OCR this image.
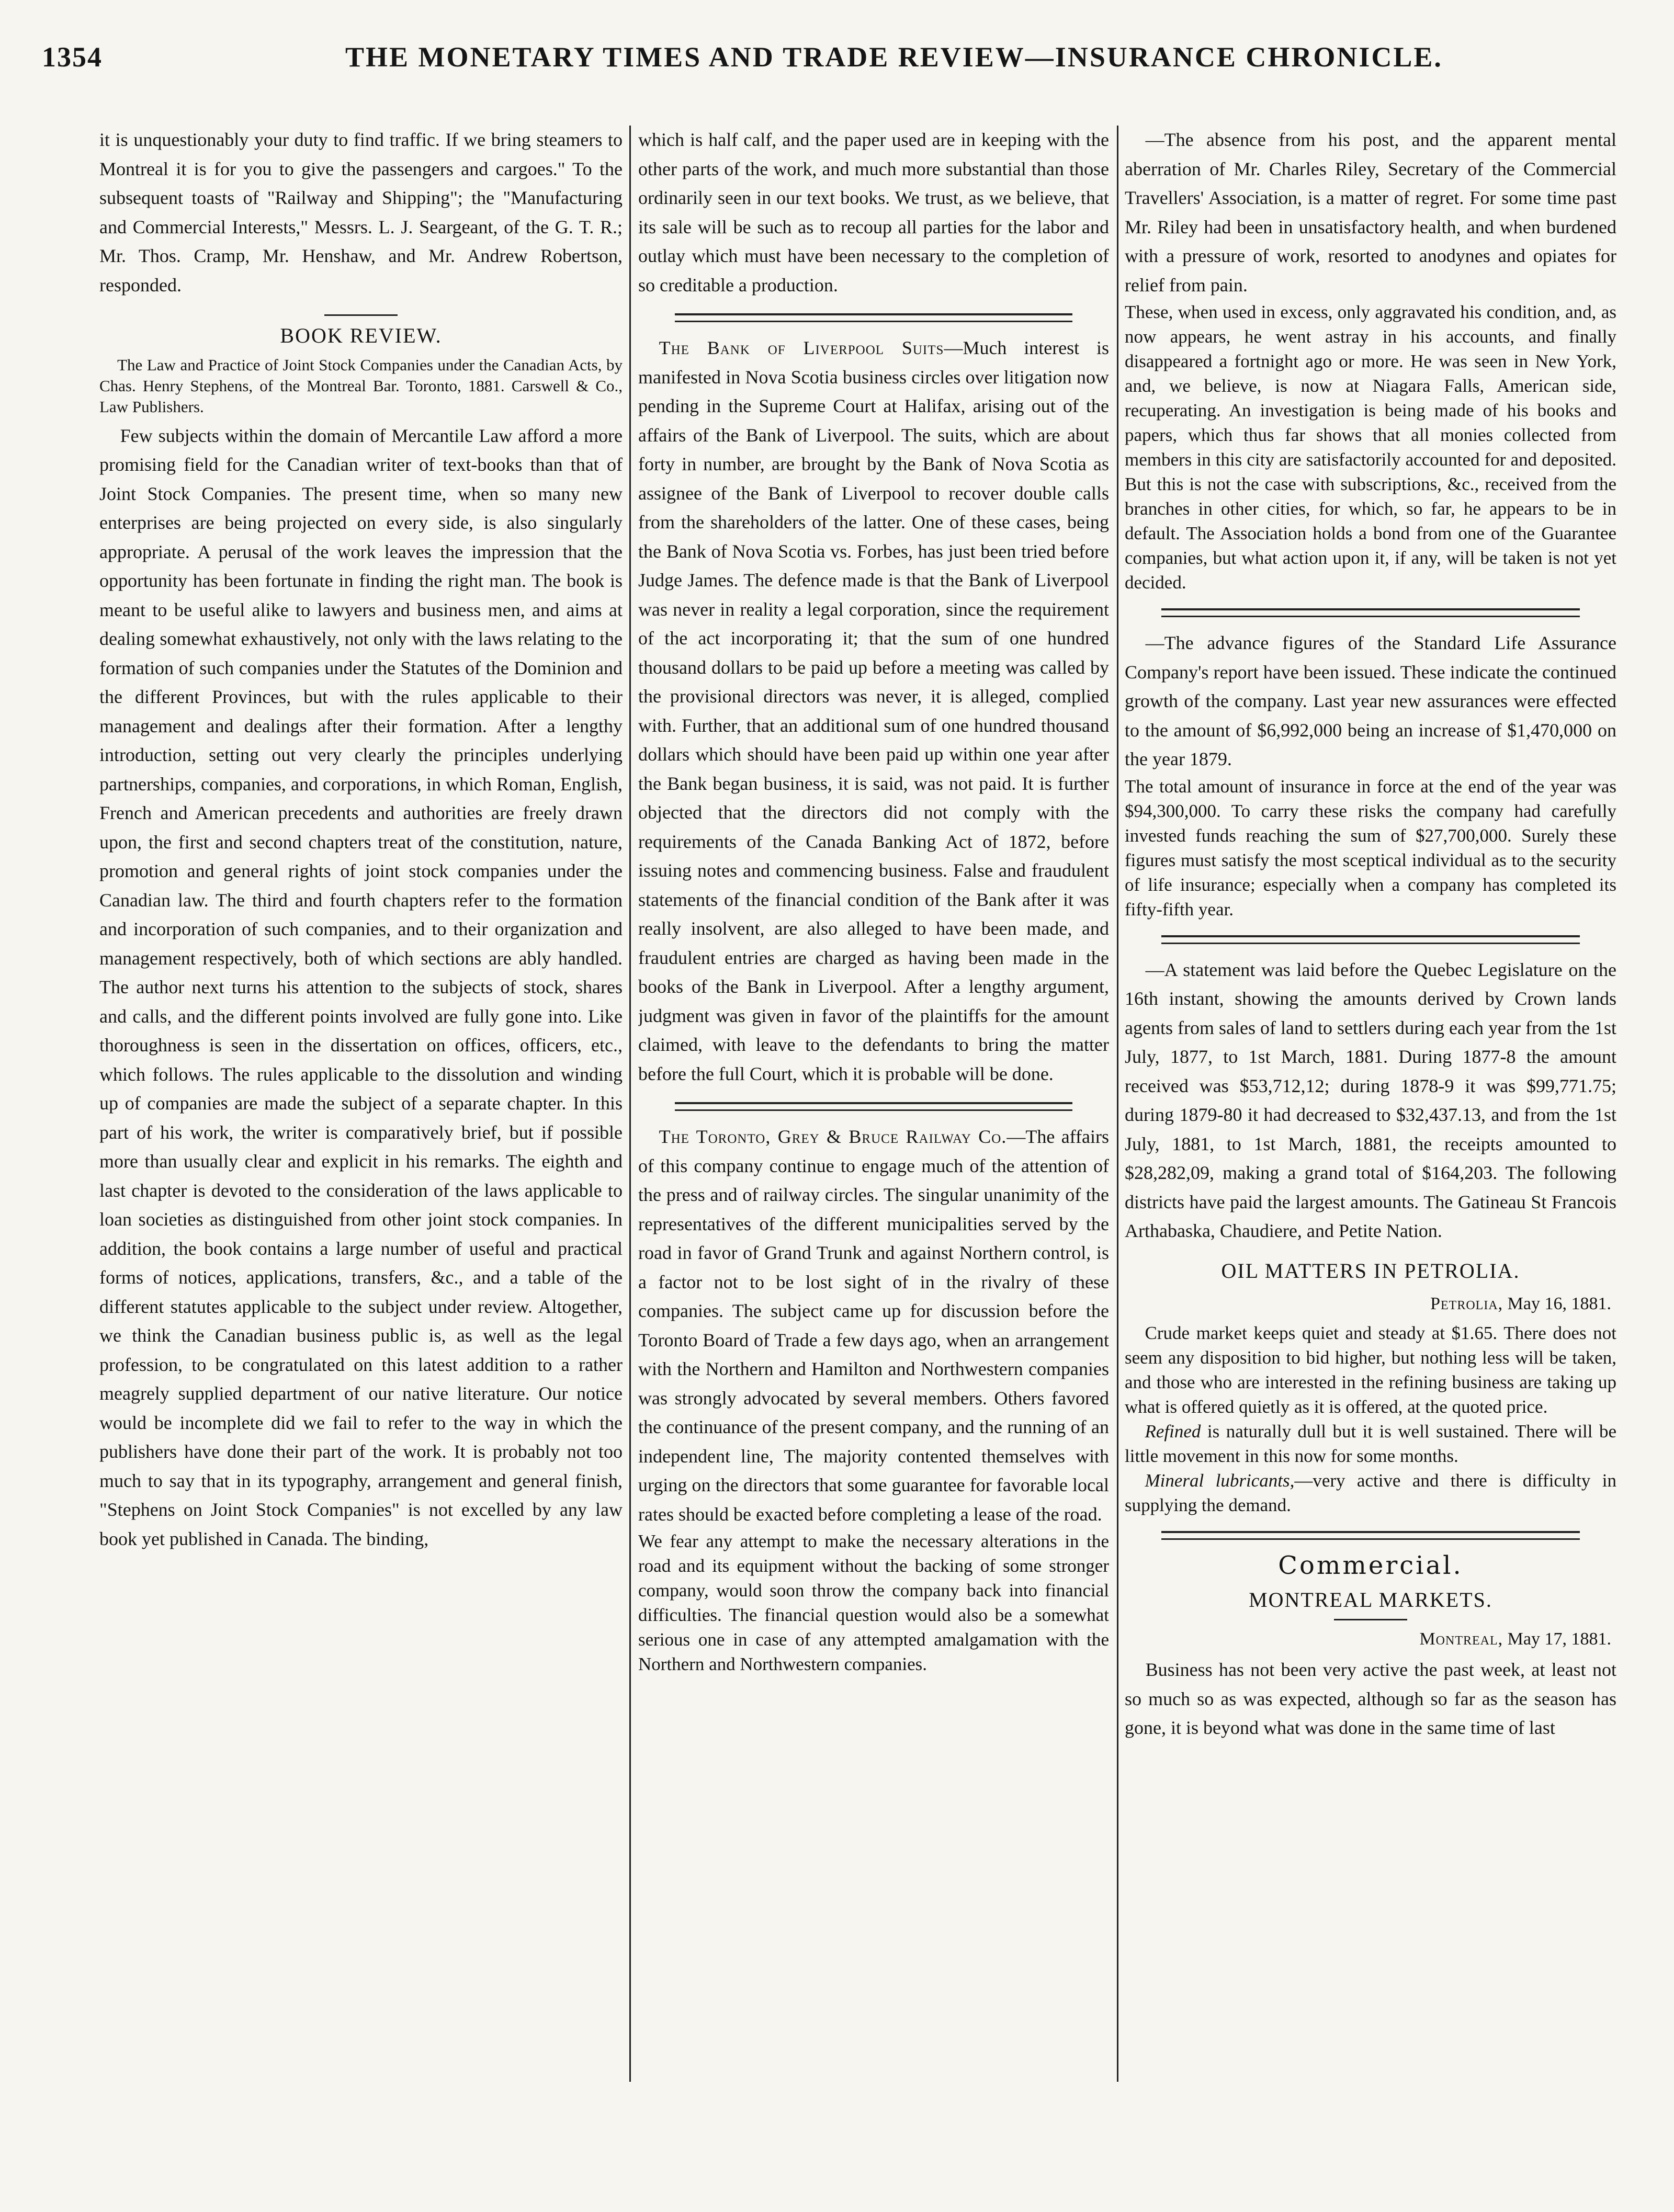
1354	THE MONETARY TIMES AND TRADE REVIEW—INSURANCE CHRONICLE.

it is unquestionably your duty to find traffic. If we bring steamers to Montreal it is for you to give the passengers and cargoes." To the subsequent toasts of "Railway and Shipping"; the "Manufacturing and Commercial Interests," Messrs. L. J. Seargeant, of the G. T. R.; Mr. Thos. Cramp, Mr. Henshaw, and Mr. Andrew Robertson, responded.

BOOK REVIEW.

The Law and Practice of Joint Stock Companies under the Canadian Acts, by Chas. Henry Stephens, of the Montreal Bar. Toronto, 1881. Carswell & Co., Law Publishers.

Few subjects within the domain of Mercantile Law afford a more promising field for the Canadian writer of text-books than that of Joint Stock Companies. The present time, when so many new enterprises are being projected on every side, is also singularly appropriate. A perusal of the work leaves the impression that the opportunity has been fortunate in finding the right man. The book is meant to be useful alike to lawyers and business men, and aims at dealing somewhat exhaustively, not only with the laws relating to the formation of such companies under the Statutes of the Dominion and the different Provinces, but with the rules applicable to their management and dealings after their formation. After a lengthy introduction, setting out very clearly the principles underlying partnerships, companies, and corporations, in which Roman, English, French and American precedents and authorities are freely drawn upon, the first and second chapters treat of the constitution, nature, promotion and general rights of joint stock companies under the Canadian law. The third and fourth chapters refer to the formation and incorporation of such companies, and to their organization and management respectively, both of which sections are ably handled. The author next turns his attention to the subjects of stock, shares and calls, and the different points involved are fully gone into. Like thoroughness is seen in the dissertation on offices, officers, etc., which follows. The rules applicable to the dissolution and winding up of companies are made the subject of a separate chapter. In this part of his work, the writer is comparatively brief, but if possible more than usually clear and explicit in his remarks. The eighth and last chapter is devoted to the consideration of the laws applicable to loan societies as distinguished from other joint stock companies. In addition, the book contains a large number of useful and practical forms of notices, applications, transfers, &c., and a table of the different statutes applicable to the subject under review. Altogether, we think the Canadian business public is, as well as the legal profession, to be congratulated on this latest addition to a rather meagrely supplied department of our native literature. Our notice would be incomplete did we fail to refer to the way in which the publishers have done their part of the work. It is probably not too much to say that in its typography, arrangement and general finish, "Stephens on Joint Stock Companies" is not excelled by any law book yet published in Canada. The binding,

which is half calf, and the paper used are in keeping with the other parts of the work, and much more substantial than those ordinarily seen in our text books. We trust, as we believe, that its sale will be such as to recoup all parties for the labor and outlay which must have been necessary to the completion of so creditable a production.

The Bank of Liverpool Suits—Much interest is manifested in Nova Scotia business circles over litigation now pending in the Supreme Court at Halifax, arising out of the affairs of the Bank of Liverpool. The suits, which are about forty in number, are brought by the Bank of Nova Scotia as assignee of the Bank of Liverpool to recover double calls from the shareholders of the latter. One of these cases, being the Bank of Nova Scotia vs. Forbes, has just been tried before Judge James. The defence made is that the Bank of Liverpool was never in reality a legal corporation, since the requirement of the act incorporating it; that the sum of one hundred thousand dollars to be paid up before a meeting was called by the provisional directors was never, it is alleged, complied with. Further, that an additional sum of one hundred thousand dollars which should have been paid up within one year after the Bank began business, it is said, was not paid. It is further objected that the directors did not comply with the requirements of the Canada Banking Act of 1872, before issuing notes and commencing business. False and fraudulent statements of the financial condition of the Bank after it was really insolvent, are also alleged to have been made, and fraudulent entries are charged as having been made in the books of the Bank in Liverpool. After a lengthy argument, judgment was given in favor of the plaintiffs for the amount claimed, with leave to the defendants to bring the matter before the full Court, which it is probable will be done.

The Toronto, Grey & Bruce Railway Co.—The affairs of this company continue to engage much of the attention of the press and of railway circles. The singular unanimity of the representatives of the different municipalities served by the road in favor of Grand Trunk and against Northern control, is a factor not to be lost sight of in the rivalry of these companies. The subject came up for discussion before the Toronto Board of Trade a few days ago, when an arrangement with the Northern and Hamilton and Northwestern companies was strongly advocated by several members. Others favored the continuance of the present company, and the running of an independent line, The majority contented themselves with urging on the directors that some guarantee for favorable local rates should be exacted before completing a lease of the road.

We fear any attempt to make the necessary alterations in the road and its equipment without the backing of some stronger company, would soon throw the company back into financial difficulties. The financial question would also be a somewhat serious one in case of any attempted amalgamation with the Northern and Northwestern companies.

—The absence from his post, and the apparent mental aberration of Mr. Charles Riley, Secretary of the Commercial Travellers' Association, is a matter of regret. For some time past Mr. Riley had been in unsatisfactory health, and when burdened with a pressure of work, resorted to anodynes and opiates for relief from pain.

These, when used in excess, only aggravated his condition, and, as now appears, he went astray in his accounts, and finally disappeared a fortnight ago or more. He was seen in New York, and, we believe, is now at Niagara Falls, American side, recuperating. An investigation is being made of his books and papers, which thus far shows that all monies collected from members in this city are satisfactorily accounted for and deposited. But this is not the case with subscriptions, &c., received from the branches in other cities, for which, so far, he appears to be in default. The Association holds a bond from one of the Guarantee companies, but what action upon it, if any, will be taken is not yet decided.

—The advance figures of the Standard Life Assurance Company's report have been issued. These indicate the continued growth of the company. Last year new assurances were effected to the amount of $6,992,000 being an increase of $1,470,000 on the year 1879.

The total amount of insurance in force at the end of the year was $94,300,000. To carry these risks the company had carefully invested funds reaching the sum of $27,700,000. Surely these figures must satisfy the most sceptical individual as to the security of life insurance; especially when a company has completed its fifty-fifth year.

—A statement was laid before the Quebec Legislature on the 16th instant, showing the amounts derived by Crown lands agents from sales of land to settlers during each year from the 1st July, 1877, to 1st March, 1881. During 1877-8 the amount received was $53,712,12; during 1878-9 it was $99,771.75; during 1879-80 it had decreased to $32,437.13, and from the 1st July, 1881, to 1st March, 1881, the receipts amounted to $28,282,09, making a grand total of $164,203. The following districts have paid the largest amounts. The Gatineau St Francois Arthabaska, Chaudiere, and Petite Nation.

OIL MATTERS IN PETROLIA.
Petrolia, May 16, 1881.

Crude market keeps quiet and steady at $1.65. There does not seem any disposition to bid higher, but nothing less will be taken, and those who are interested in the refining business are taking up what is offered quietly as it is offered, at the quoted price.

Refined is naturally dull but it is well sustained. There will be little movement in this now for some months.

Mineral lubricants,—very active and there is difficulty in supplying the demand.

Commercial.
MONTREAL MARKETS.
Montreal, May 17, 1881.

Business has not been very active the past week, at least not so much so as was expected, although so far as the season has gone, it is beyond what was done in the same time of last
